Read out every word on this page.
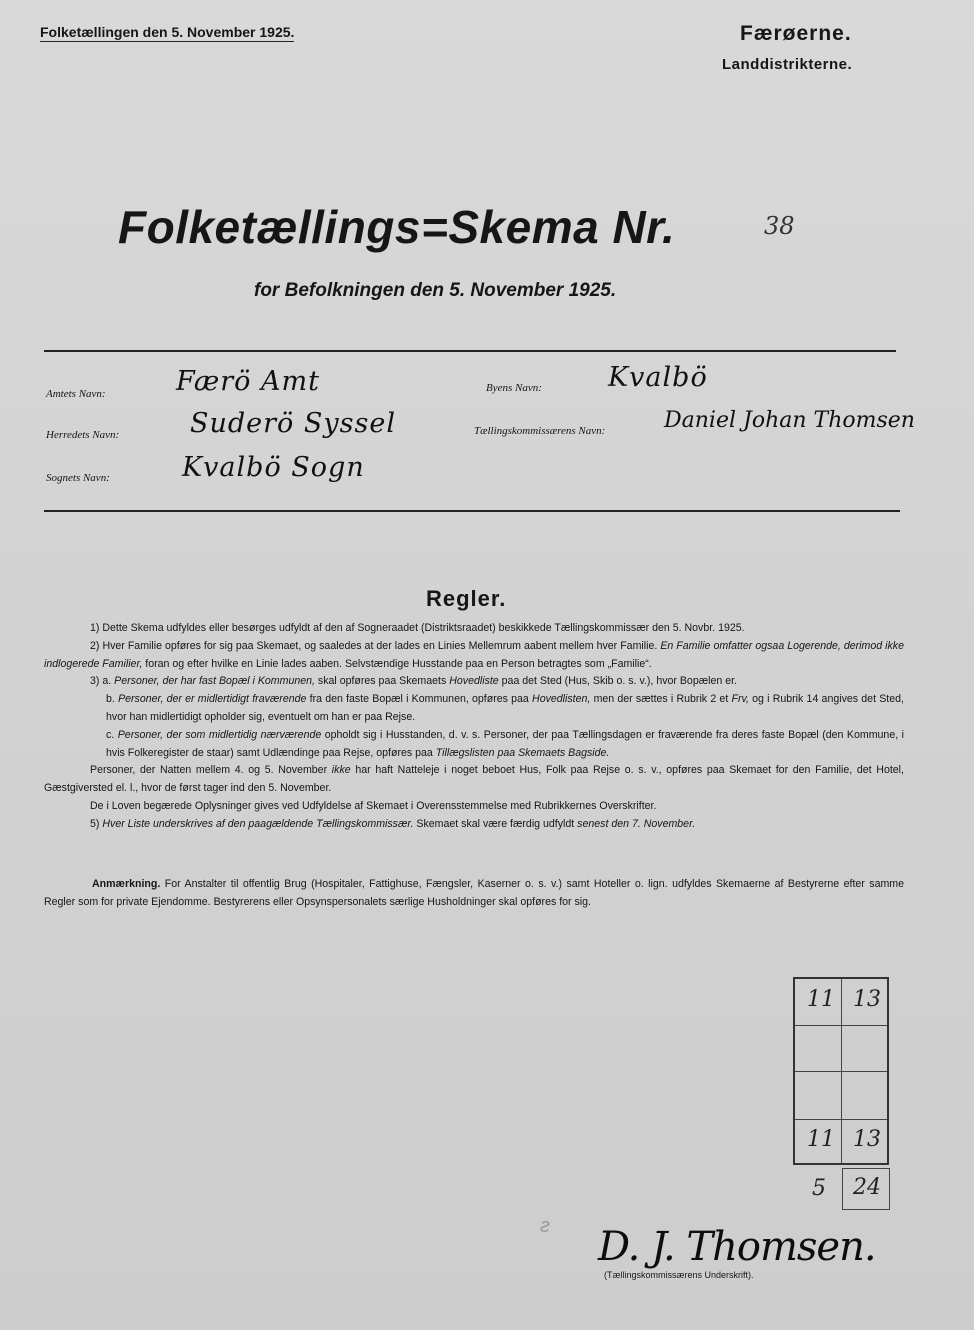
Folketællingen den 5. November 1925.	Færøerne.
Landdistrikterne.
Folketællings=Skema Nr.	38
for Befolkningen den 5. November 1925.
Amtets Navn:	Færö Amt
Herredets Navn:	Suderö Syssel
Sognets Navn:	Kvalbö Sogn
Byens Navn: Kvalbö
Tællingskommissærens Navn:	Daniel Johan Thomsen
Regler.

1) Dette Skema udfyldes eller besørges udfyldt af den af Sogneraadet (Distriktsraadet) beskikkede Tællingskommissær den 5. Novbr. 1925.

2) Hver Familie opføres for sig paa Skemaet, og saaledes at der lades en Linies Mellemrum aabent mellem hver Familie. En Familie omfatter ogsaa Logerende, derimod ikke indlogerede Familier, foran og efter hvilke en Linie lades aaben. Selvstændige Husstande paa en Person betragtes som „Familie“.

3) a. Personer, der har fast Bopæl i Kommunen, skal opføres paa Skemaets Hovedliste paa det Sted (Hus, Skib o. s. v.), hvor Bopælen er.

b. Personer, der er midlertidigt fraværende fra den faste Bopæl i Kommunen, opføres paa Hovedlisten, men der sættes i Rubrik 2 et Frv, og i Rubrik 14 angives det Sted, hvor han midlertidigt opholder sig, eventuelt om han er paa Rejse.

c. Personer, der som midlertidig nærværende opholdt sig i Husstanden, d. v. s. Personer, der paa Tællingsdagen er fraværende fra deres faste Bopæl (den Kommune, i hvis Folkeregister de staar) samt Udlændinge paa Rejse, opføres paa Tillægslisten paa Skemaets Bagside.

Personer, der Natten mellem 4. og 5. November ikke har haft Natteleje i noget beboet Hus, Folk paa Rejse o. s. v., opføres paa Skemaet for den Familie, det Hotel, Gæstgiversted el. l., hvor de først tager ind den 5. November.

De i Loven begærede Oplysninger gives ved Udfyldelse af Skemaet i Overensstemmelse med Rubrikkernes Overskrifter.

5) Hver Liste underskrives af den paagældende Tællingskommissær. Skemaet skal være færdig udfyldt senest den 7. November.

Anmærkning. For Anstalter til offentlig Brug (Hospitaler, Fattighuse, Fængsler, Kaserner o. s. v.) samt Hoteller o. lign. udfyldes Skemaerne af Bestyrerne efter samme Regler som for private Ejendomme. Bestyrerens eller Opsynspersonalets særlige Husholdninger skal opføres for sig.

11 13
11 13
5 24
ƨ D. J. Thomsen.
(Tællingskommissærens Underskrift).
